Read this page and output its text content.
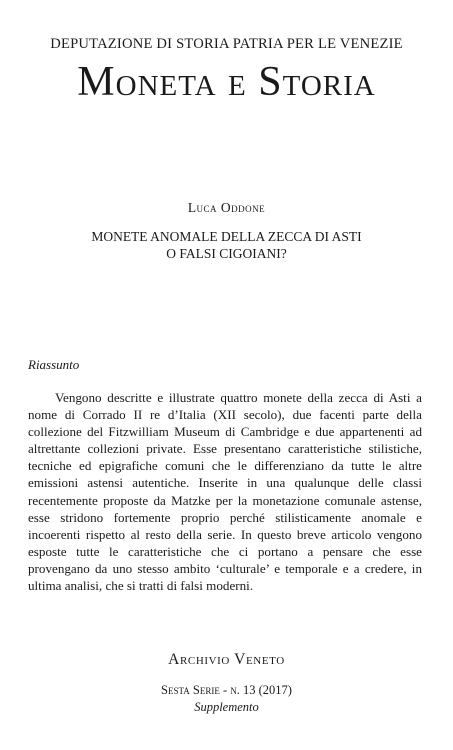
DEPUTAZIONE DI STORIA PATRIA PER LE VENEZIE
Moneta e Storia
Luca Oddone
MONETE ANOMALE DELLA ZECCA DI ASTI
O FALSI CIGOIANI?
Riassunto

Vengono descritte e illustrate quattro monete della zecca di Asti a nome di Corrado II re d’Italia (XII secolo), due facenti parte della collezione del Fitzwilliam Museum di Cambridge e due appartenenti ad altrettante collezioni private. Esse presentano caratteristiche stilistiche, tecniche ed epigrafiche comuni che le differenziano da tutte le altre emissioni astensi autentiche. Inserite in una qualunque delle classi recentemente proposte da Matzke per la monetazione comunale astense, esse stridono fortemente proprio perché stilisticamente anomale e incoerenti rispetto al resto della serie. In questo breve articolo vengono esposte tutte le caratteristiche che ci portano a pensare che esse provengano da uno stesso ambito ‘culturale’ e temporale e a credere, in ultima analisi, che si tratti di falsi moderni.

Archivio Veneto
Sesta Serie - n. 13 (2017)
Supplemento
